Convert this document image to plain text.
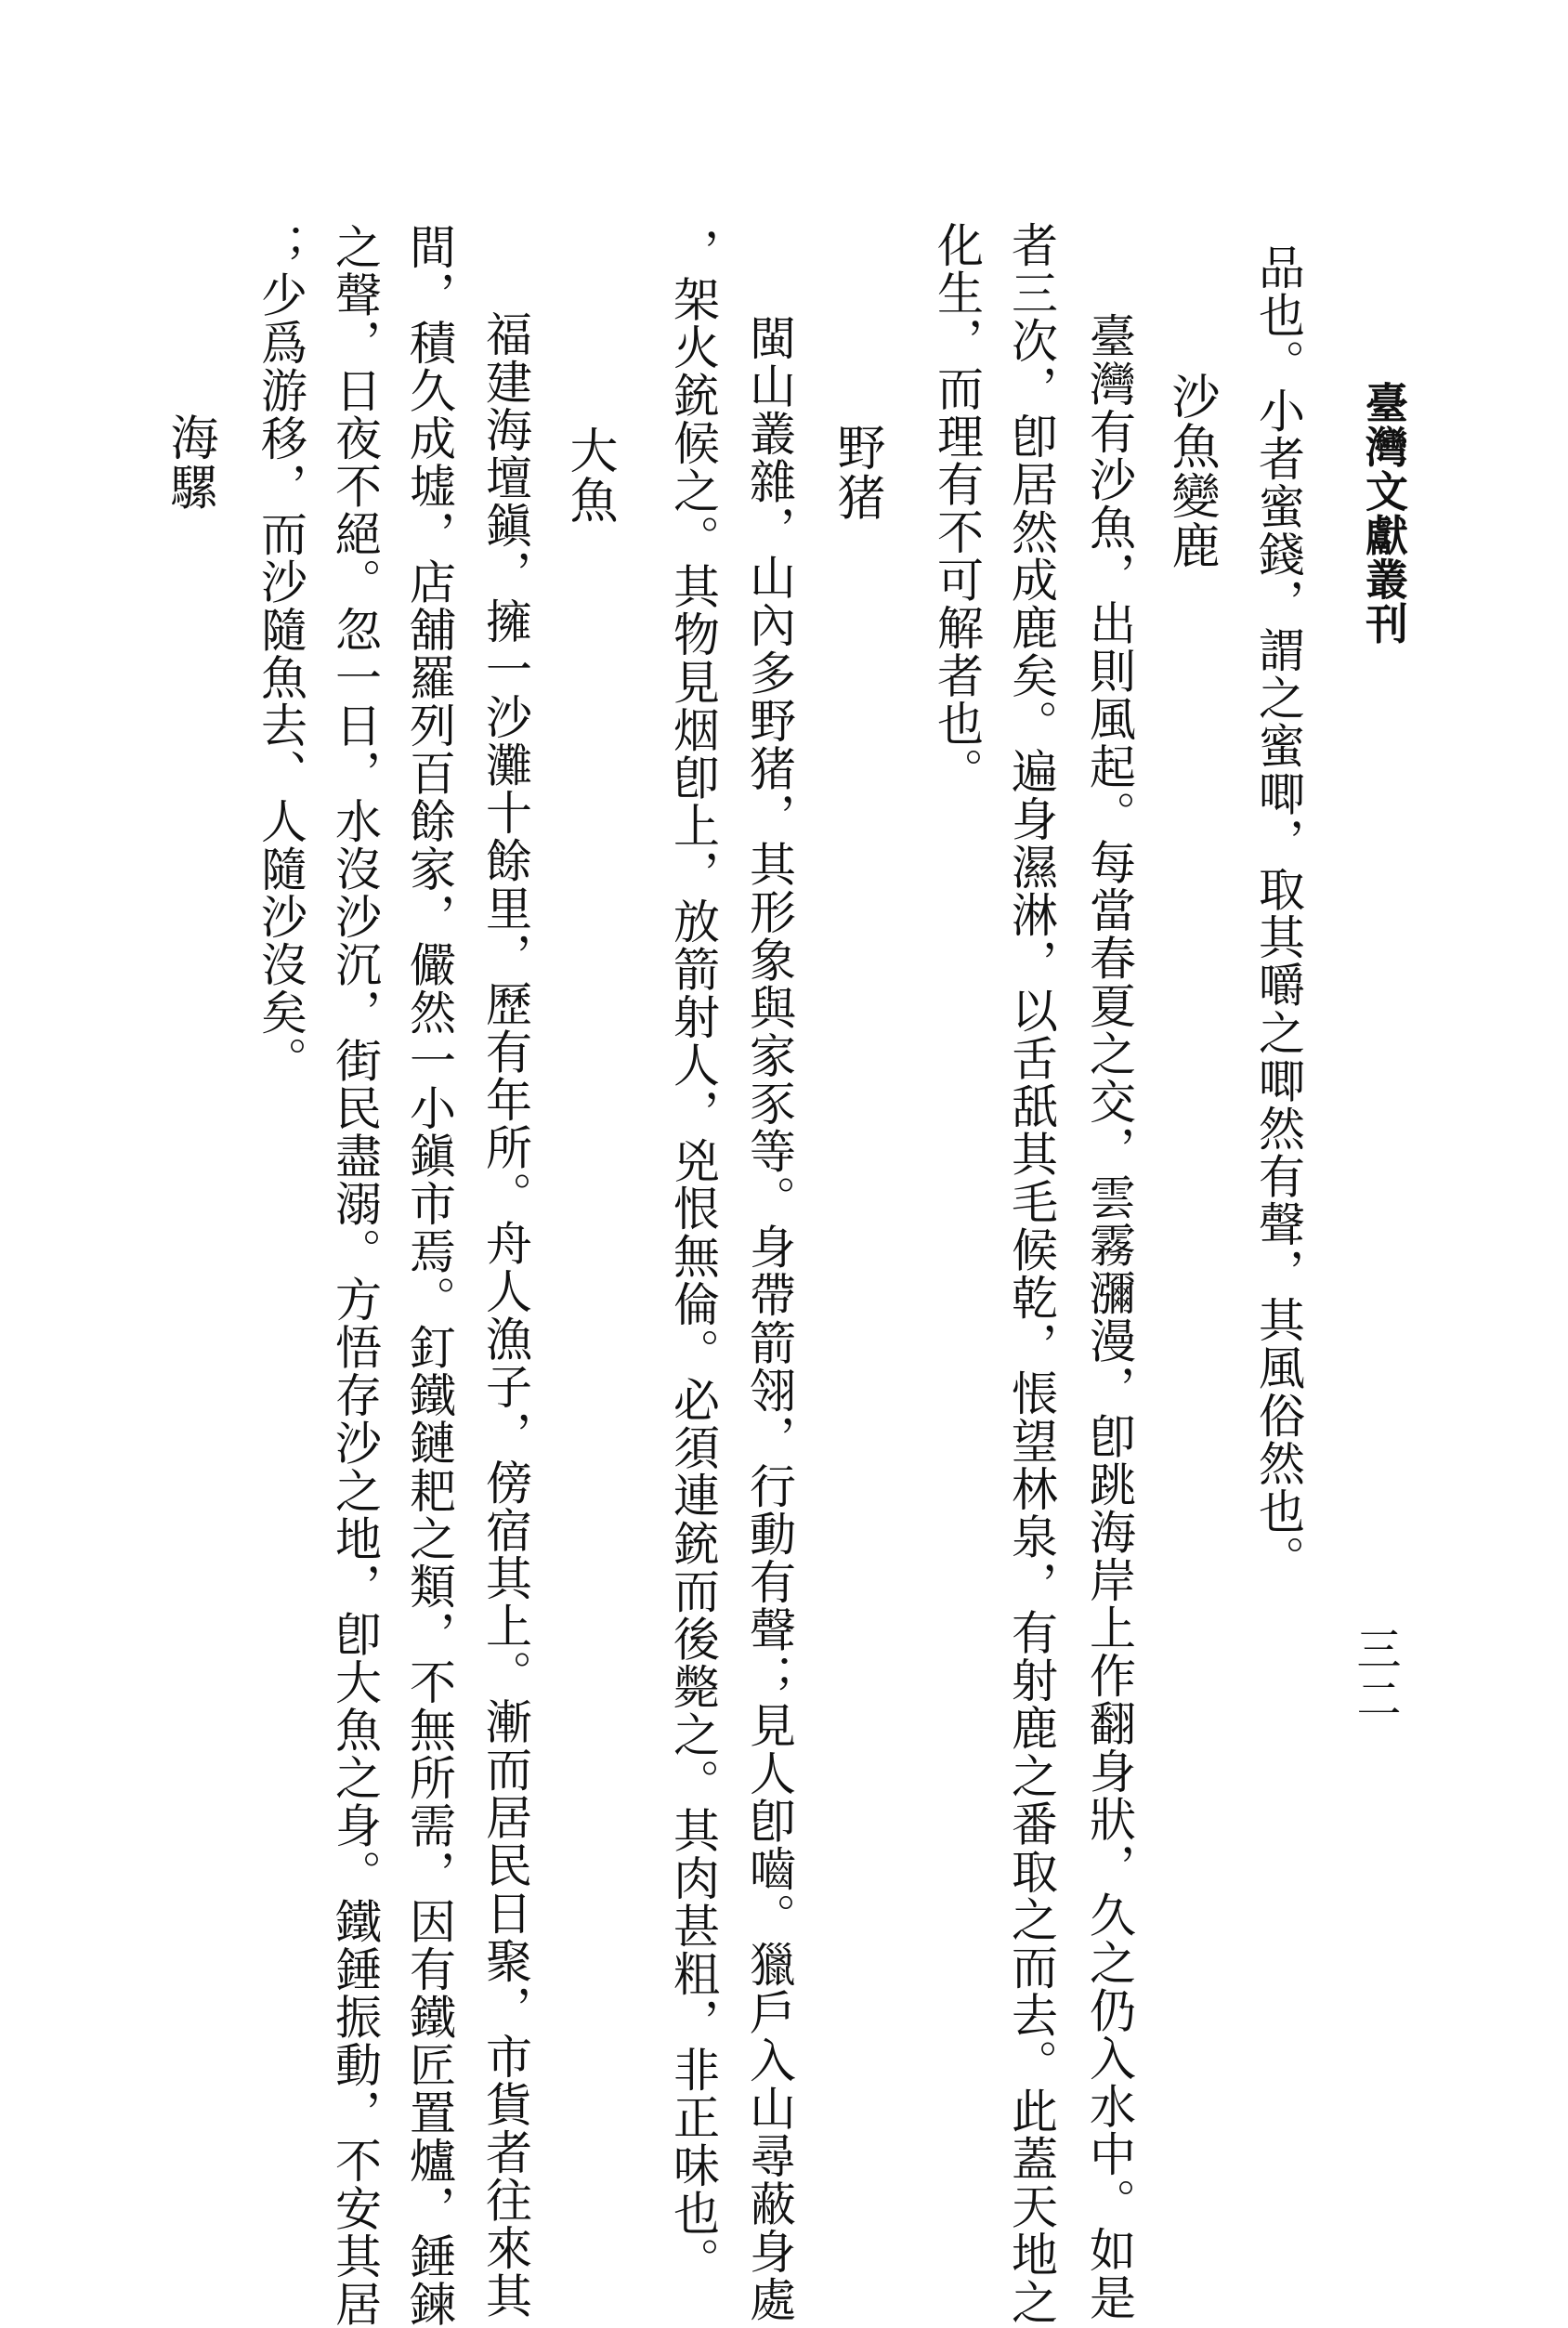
臺灣文獻叢刊
三二
品也。小者蜜錢，謂之蜜唧，取其嚼之唧然有聲，其風俗然也。
沙魚變鹿
臺灣有沙魚，出則風起。每當春夏之交，雲霧瀰漫，卽跳海岸上作翻身狀，久之仍入水中。如是
者三次，卽居然成鹿矣。遍身濕淋，以舌舐其毛候乾，悵望林泉，有射鹿之番取之而去。此蓋天地之
化生，而理有不可解者也。
野猪
閩山叢雜，山內多野猪，其形象與家豕等。身帶箭翎，行動有聲；見人卽嚙。獵戶入山尋蔽身處
，架火銃候之。其物見烟卽上，放箭射人，兇恨無倫。必須連銃而後斃之。其肉甚粗，非正味也。
大魚
福建海壇鎭，擁一沙灘十餘里，歷有年所。舟人漁子，傍宿其上。漸而居民日聚，市貨者往來其
間，積久成墟，店舖羅列百餘家，儼然一小鎭市焉。釘鐵鏈耙之類，不無所需，因有鐵匠置爐，錘鍊
之聲，日夜不絕。忽一日，水沒沙沉，街民盡溺。方悟存沙之地，卽大魚之身。鐵錘振動，不安其居
；少爲游移，而沙隨魚去、人隨沙沒矣。
海騾
